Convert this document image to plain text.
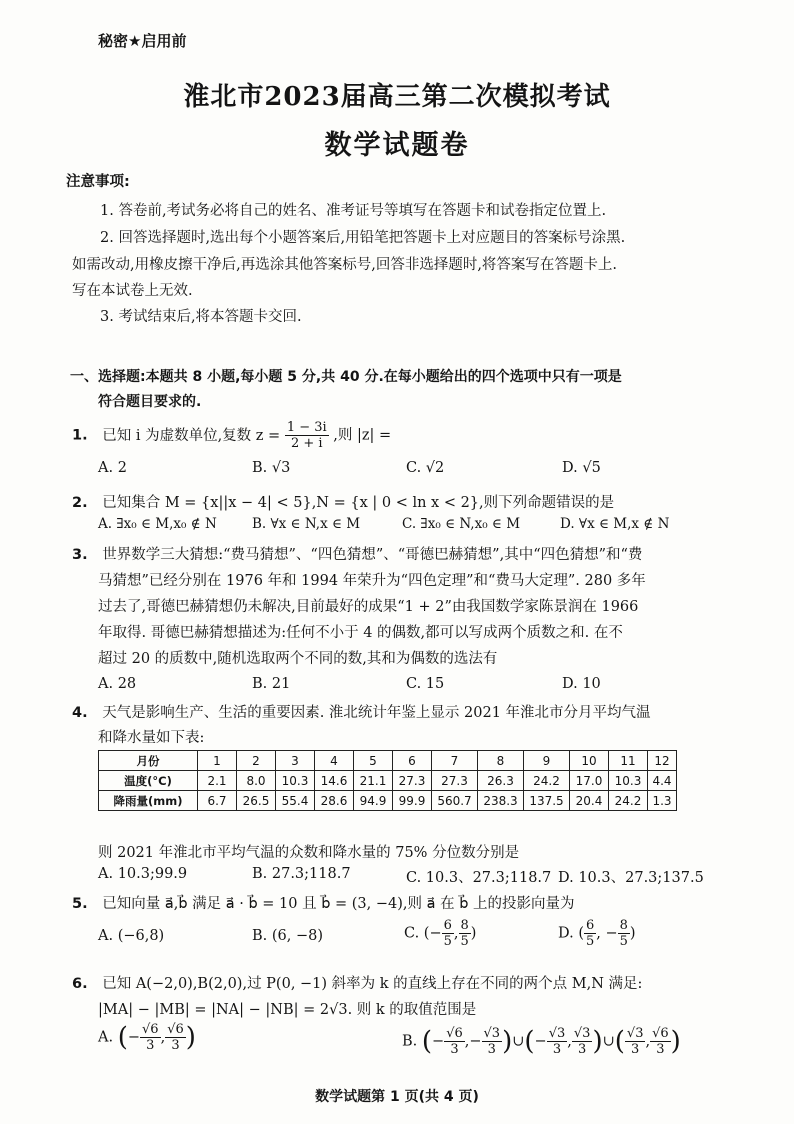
秘密★启用前
淮北市2023届高三第二次模拟考试
数学试题卷
注意事项:
1. 答卷前,考试务必将自己的姓名、准考证号等填写在答题卡和试卷指定位置上.
2. 回答选择题时,选出每个小题答案后,用铅笔把答题卡上对应题目的答案标号涂黑.
如需改动,用橡皮擦干净后,再选涂其他答案标号,回答非选择题时,将答案写在答题卡上.
写在本试卷上无效.
3. 考试结束后,将本答题卡交回.
一、选择题:本题共 8 小题,每小题 5 分,共 40 分.在每小题给出的四个选项中只有一项是
符合题目要求的.
1. 已知 i 为虚数单位,复数 $z = \frac{1 - 3i}{2 + i}$ ,则 |z| =
A. 2	B. √3	C. √2	D. √5
2. 已知集合 M = {x||x − 4| < 5},N = {x | 0 < ln x < 2},则下列命题错误的是
A. ∃x₀ ∈ M,x₀ ∉ N	B. ∀x ∈ N,x ∈ M	C. ∃x₀ ∈ N,x₀ ∈ M	D. ∀x ∈ M,x ∉ N
3. 世界数学三大猜想:“费马猜想”、“四色猜想”、“哥德巴赫猜想”,其中“四色猜想”和“费
马猜想”已经分别在 1976 年和 1994 年荣升为“四色定理”和“费马大定理”. 280 多年
过去了,哥德巴赫猜想仍未解决,目前最好的成果“1 + 2”由我国数学家陈景润在 1966
年取得. 哥德巴赫猜想描述为:任何不小于 4 的偶数,都可以写成两个质数之和. 在不
超过 20 的质数中,随机选取两个不同的数,其和为偶数的选法有
A. 28	B. 21	C. 15	D. 10
4. 天气是影响生产、生活的重要因素. 淮北统计年鉴上显示 2021 年淮北市分月平均气温
和降水量如下表:
月份	1	2	3	4	5	6	7	8	9	10	11	12
温度(°C)	2.1	8.0	10.3	14.6	21.1	27.3	27.3	26.3	24.2	17.0	10.3	4.4
降雨量(mm)	6.7	26.5	55.4	28.6	94.9	99.9	560.7	238.3	137.5	20.4	24.2	1.3
则 2021 年淮北市平均气温的众数和降水量的 75% 分位数分别是
A. 10.3;99.9	B. 27.3;118.7	C. 10.3、27.3;118.7 D. 10.3、27.3;137.5
5. 已知向量 a⃗,b⃗ 满足 a⃗ · b⃗ = 10 且 b⃗ = (3, −4),则 a⃗ 在 b⃗ 上的投影向量为
A. (−6,8)	B. (6, −8)	C. (− $\frac{6}{5}$ , $\frac{8}{5}$ )	D. ( $\frac{6}{5}$ , − $\frac{8}{5}$ )
6. 已知 A(−2,0),B(2,0),过 P(0, −1) 斜率为 k 的直线上存在不同的两个点 M,N 满足:
|MA| − |MB| = |NA| − |NB| = 2√3. 则 k 的取值范围是
A. (− $\frac{√6}{3}$ , $\frac{√6}{3}$ )	B. (− $\frac{√6}{3}$ ,− $\frac{√3}{3}$ )∪(− $\frac{√3}{3}$ , $\frac{√3}{3}$ )∪( $\frac{√3}{3}$ , $\frac{√6}{3}$ )
数学试题第 1 页(共 4 页)
